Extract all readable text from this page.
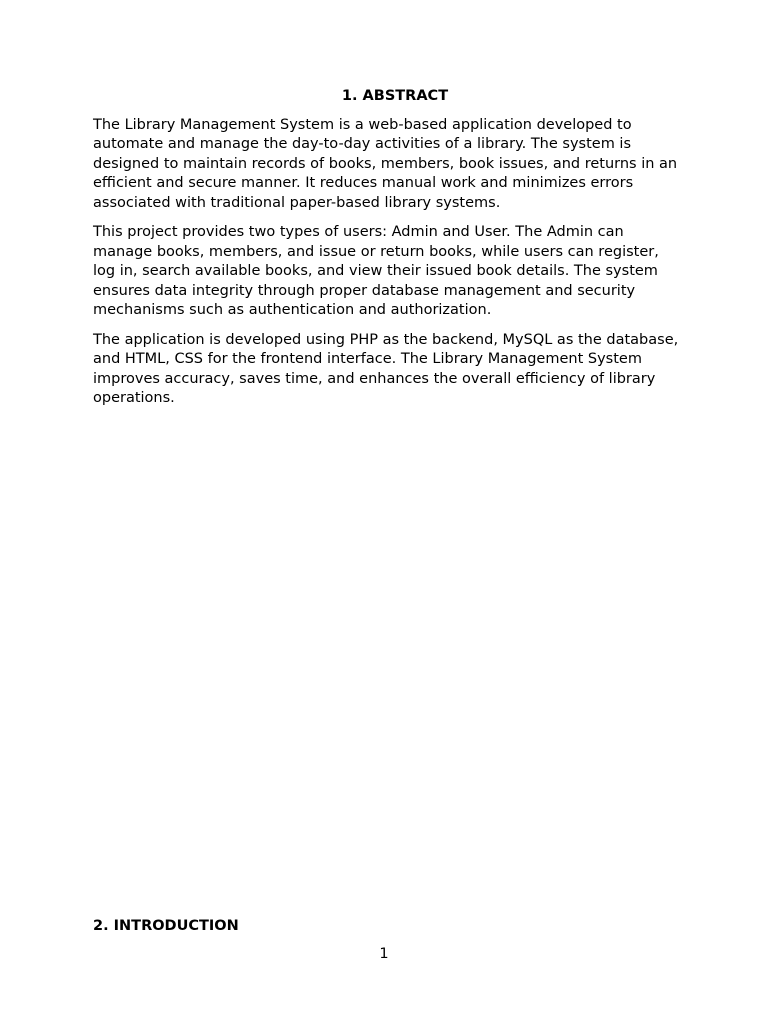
1. ABSTRACT

The Library Management System is a web-based application developed to automate and manage the day-to-day activities of a library. The system is designed to maintain records of books, members, book issues, and returns in an efficient and secure manner. It reduces manual work and minimizes errors associated with traditional paper-based library systems.

This project provides two types of users: Admin and User. The Admin can manage books, members, and issue or return books, while users can register, log in, search available books, and view their issued book details. The system ensures data integrity through proper database management and security mechanisms such as authentication and authorization.

The application is developed using PHP as the backend, MySQL as the database, and HTML, CSS for the frontend interface. The Library Management System improves accuracy, saves time, and enhances the overall efficiency of library operations.

2. INTRODUCTION
1
